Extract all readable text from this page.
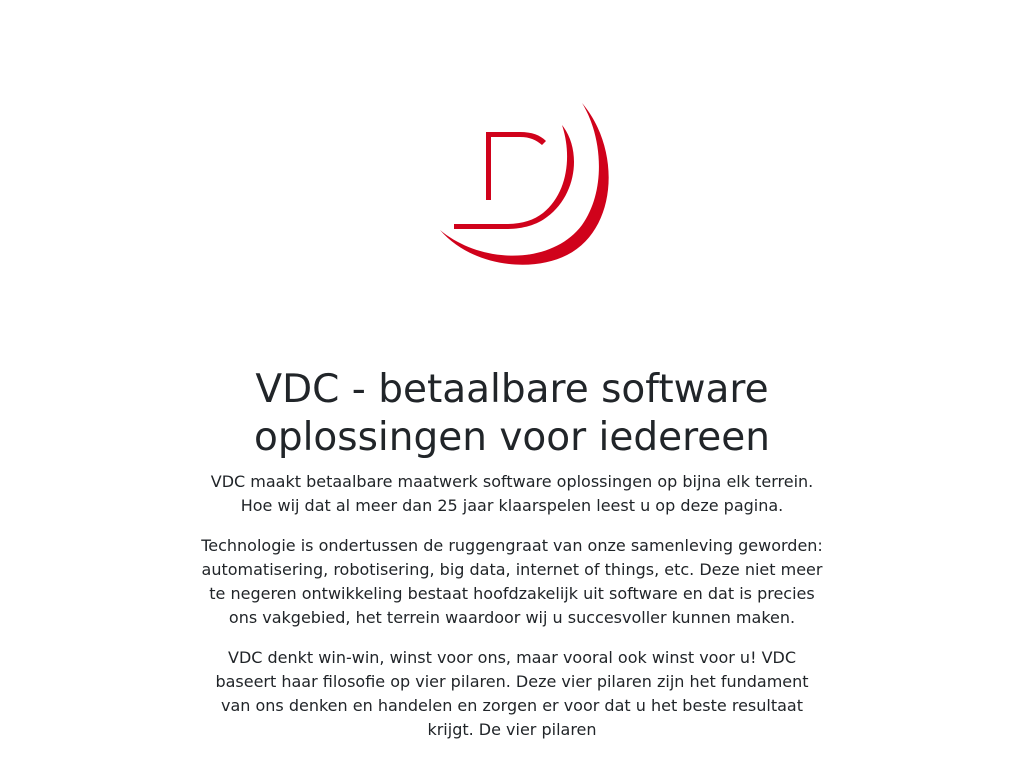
VDC - betaalbare software oplossingen voor iedereen

VDC maakt betaalbare maatwerk software oplossingen op bijna elk terrein. Hoe wij dat al meer dan 25 jaar klaarspelen leest u op deze pagina.

Technologie is ondertussen de ruggengraat van onze samenleving geworden: automatisering, robotisering, big data, internet of things, etc. Deze niet meer te negeren ontwikkeling bestaat hoofdzakelijk uit software en dat is precies ons vakgebied, het terrein waardoor wij u succesvoller kunnen maken.

VDC denkt win-win, winst voor ons, maar vooral ook winst voor u! VDC baseert haar filosofie op vier pilaren. Deze vier pilaren zijn het fundament van ons denken en handelen en zorgen er voor dat u het beste resultaat krijgt. De vier pilaren
